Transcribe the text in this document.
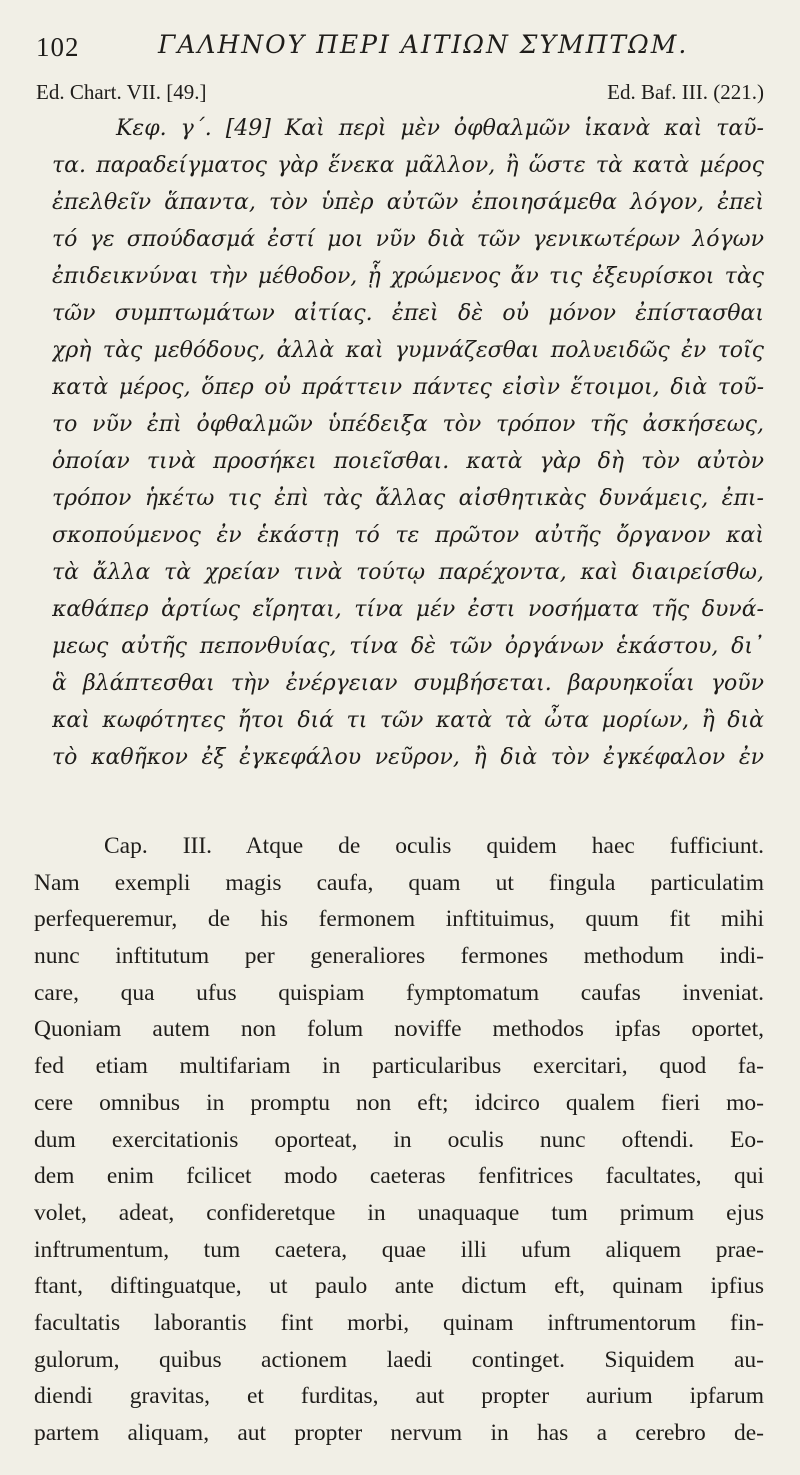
102	ΓΑΛΗΝΟΥ ΠΕΡΙ ΑΙΤΙΩΝ ΣΥΜΠΤΩΜ.
Ed. Chart. VII. [49.]	Ed. Baf. III. (221.)
Κεφ. γ΄. [49] Καὶ περὶ μὲν ὀφθαλμῶν ἱκανὰ καὶ ταῦ-
τα. παραδείγματος γὰρ ἕνεκα μᾶλλον, ἢ ὥστε τὰ κατὰ μέρος
ἐπελθεῖν ἅπαντα, τὸν ὑπὲρ αὐτῶν ἐποιησάμεθα λόγον, ἐπεὶ
τό γε σπούδασμά ἐστί μοι νῦν διὰ τῶν γενικωτέρων λόγων
ἐπιδεικνύναι τὴν μέθοδον, ᾗ χρώμενος ἄν τις ἐξευρίσκοι τὰς
τῶν συμπτωμάτων αἰτίας. ἐπεὶ δὲ οὐ μόνον ἐπίστασθαι
χρὴ τὰς μεθόδους, ἀλλὰ καὶ γυμνάζεσθαι πολυειδῶς ἐν τοῖς
κατὰ μέρος, ὅπερ οὐ πράττειν πάντες εἰσὶν ἕτοιμοι, διὰ τοῦ-
το νῦν ἐπὶ ὀφθαλμῶν ὑπέδειξα τὸν τρόπον τῆς ἀσκήσεως,
ὁποίαν τινὰ προσήκει ποιεῖσθαι. κατὰ γὰρ δὴ τὸν αὐτὸν
τρόπον ἡκέτω τις ἐπὶ τὰς ἄλλας αἰσθητικὰς δυνάμεις, ἐπι-
σκοπούμενος ἐν ἑκάστῃ τό τε πρῶτον αὐτῆς ὄργανον καὶ
τὰ ἄλλα τὰ χρείαν τινὰ τούτῳ παρέχοντα, καὶ διαιρείσθω,
καθάπερ ἀρτίως εἴρηται, τίνα μέν ἐστι νοσήματα τῆς δυνά-
μεως αὐτῆς πεπονθυίας, τίνα δὲ τῶν ὀργάνων ἑκάστου, δι᾽
ἃ βλάπτεσθαι τὴν ἐνέργειαν συμβήσεται. βαρυηκοΐαι γοῦν
καὶ κωφότητες ἤτοι διά τι τῶν κατὰ τὰ ὦτα μορίων, ἢ διὰ
τὸ καθῆκον ἐξ ἐγκεφάλου νεῦρον, ἢ διὰ τὸν ἐγκέφαλον ἐν
Cap. III. Atque de oculis quidem haec fufficiunt.
Nam exempli magis caufa, quam ut fingula particulatim
perfequeremur, de his fermonem inftituimus, quum fit mihi
nunc inftitutum per generaliores fermones methodum indi-
care, qua ufus quispiam fymptomatum caufas inveniat.
Quoniam autem non folum noviffe methodos ipfas oportet,
fed etiam multifariam in particularibus exercitari, quod fa-
cere omnibus in promptu non eft; idcirco qualem fieri mo-
dum exercitationis oporteat, in oculis nunc oftendi. Eo-
dem enim fcilicet modo caeteras fenfitrices facultates, qui
volet, adeat, confideretque in unaquaque tum primum ejus
inftrumentum, tum caetera, quae illi ufum aliquem prae-
ftant, diftinguatque, ut paulo ante dictum eft, quinam ipfius
facultatis laborantis fint morbi, quinam inftrumentorum fin-
gulorum, quibus actionem laedi continget. Siquidem au-
diendi gravitas, et furditas, aut propter aurium ipfarum
partem aliquam, aut propter nervum in has a cerebro de-
